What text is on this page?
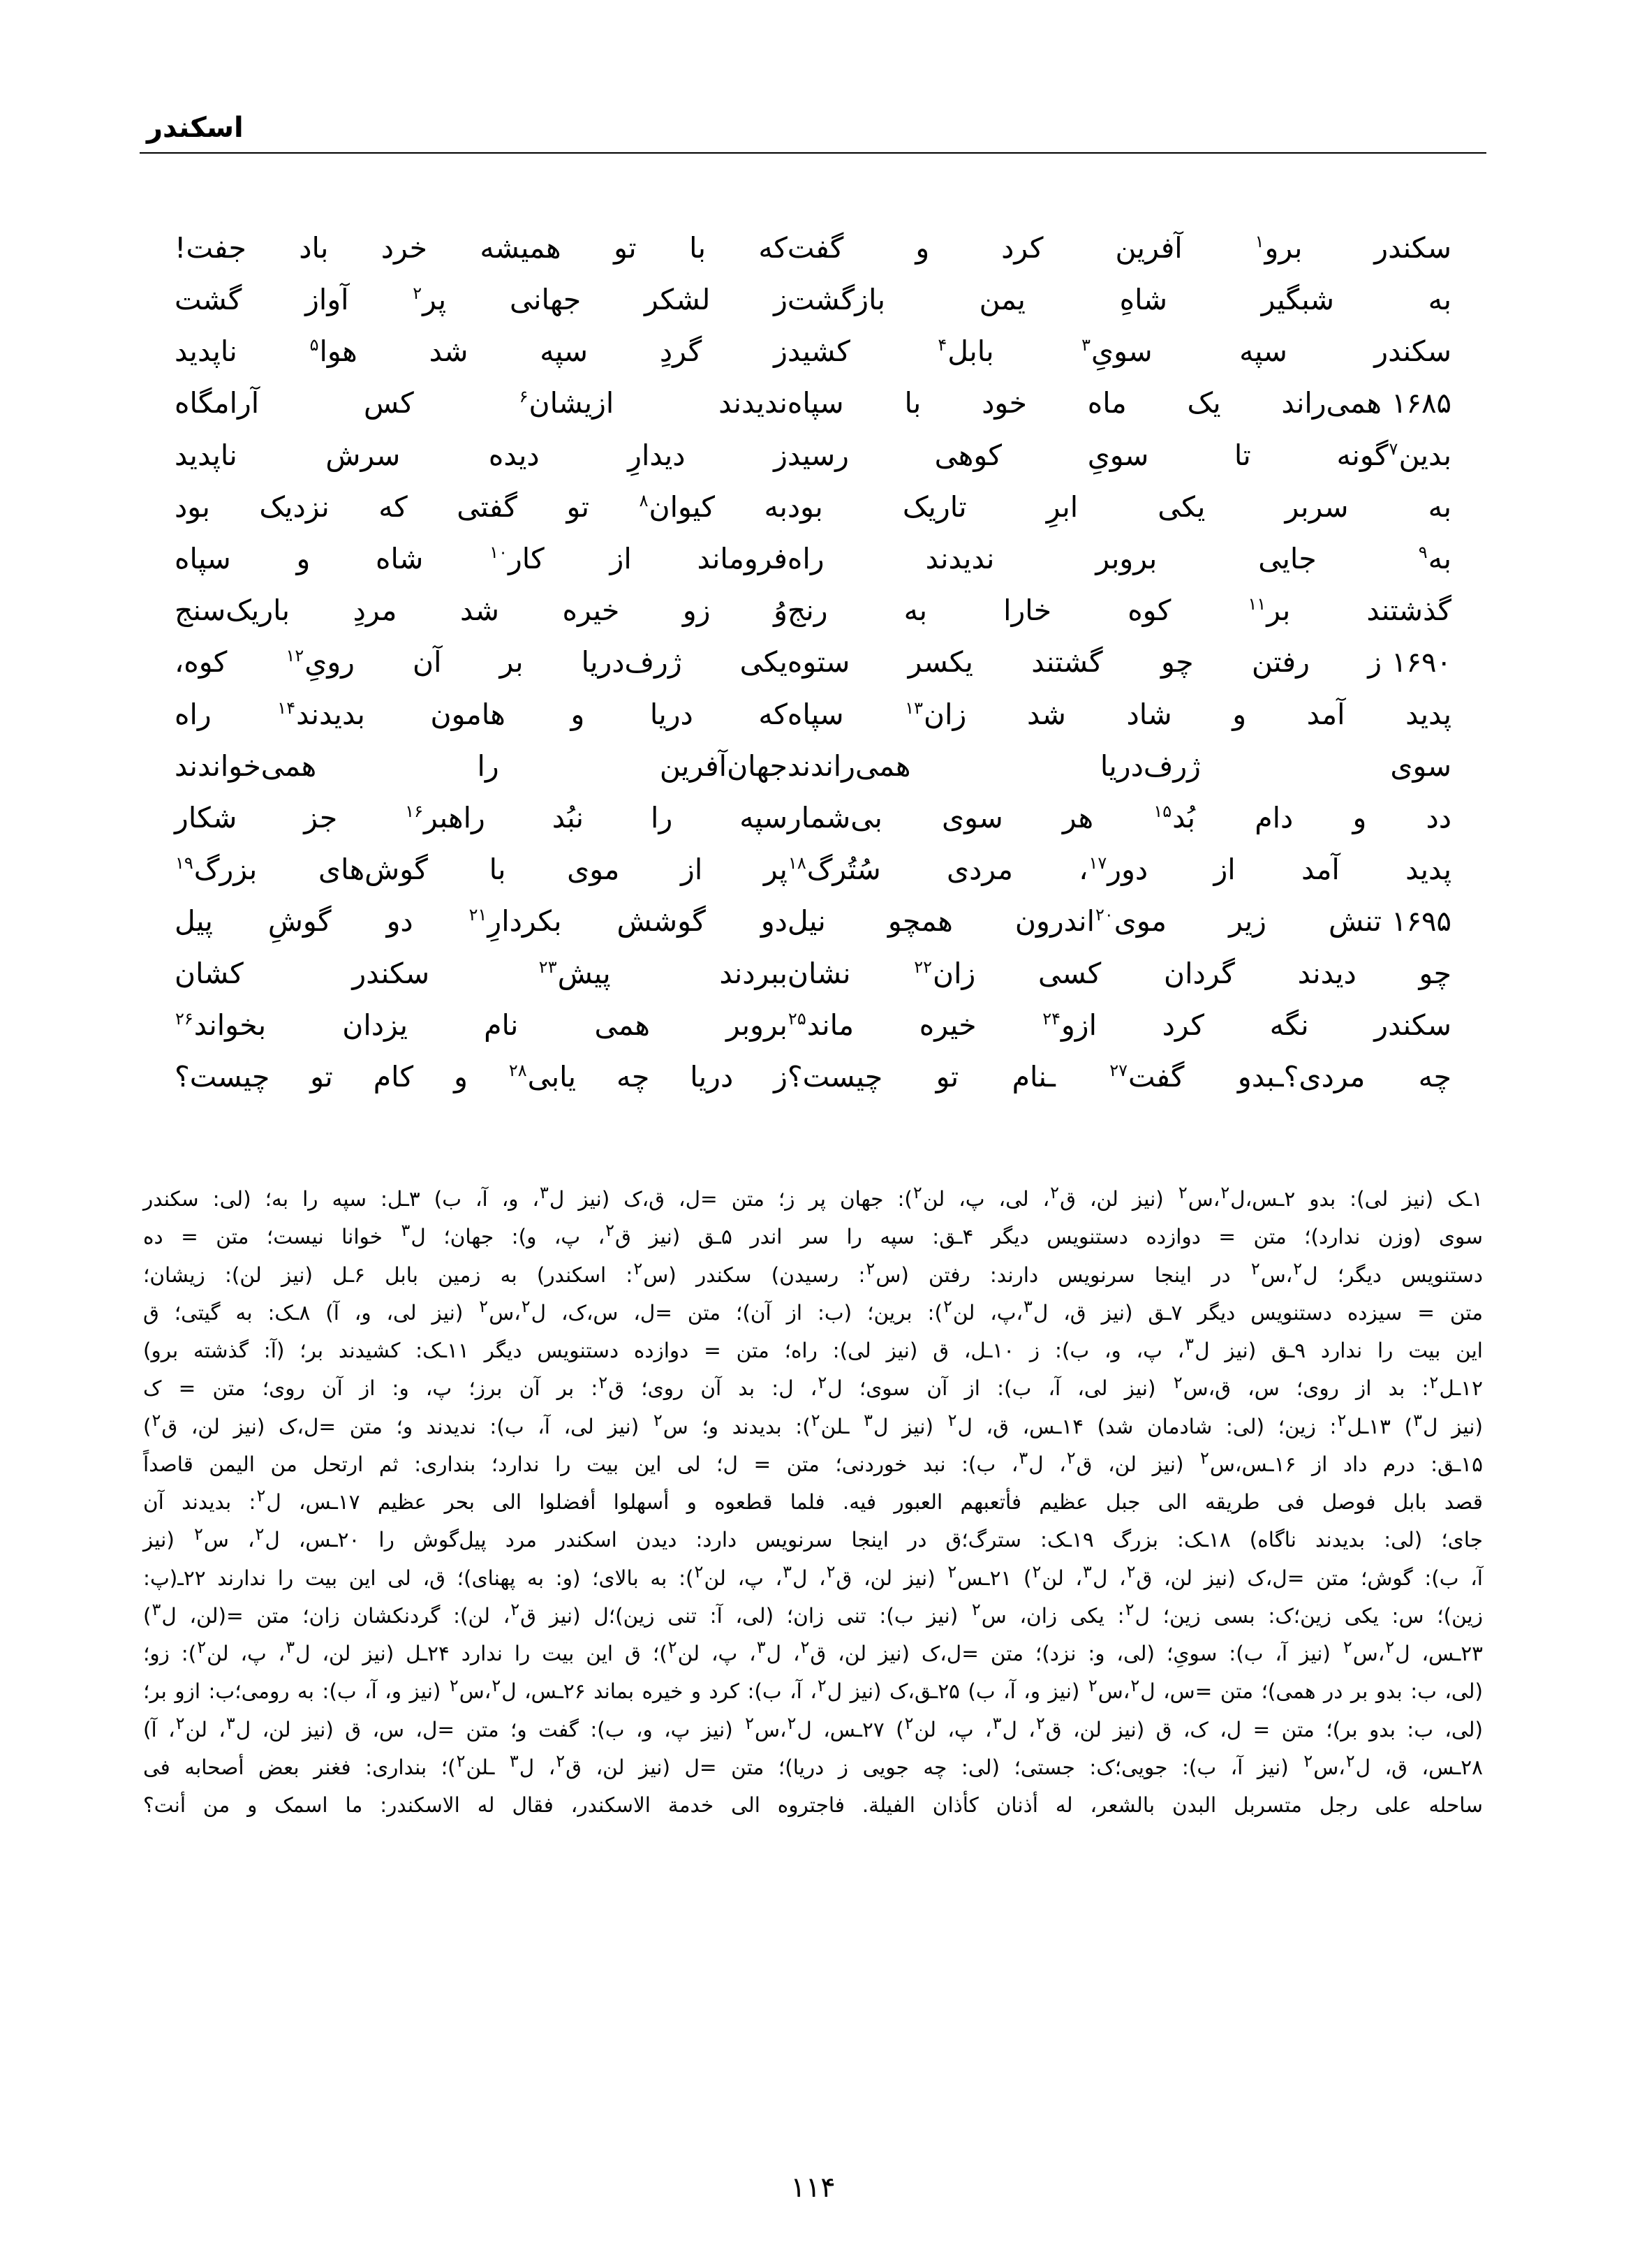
اسکندر
سکندر برو$^۱$ آفرین کرد و گفت
که با تو همیشه خرد باد جفت!
به شبگیر شاهِ یمن بازگشت
ز لشکر جهانی پر$^۲$ آواز گشت
سکندر سپه سویِ$^۳$ بابل$^۴$ کشید
ز گردِ سپه شد هوا$^۵$ ناپدید
۱۶۸۵همی‌راند یک ماه خود با سپاه
ندیدند ازیشان$^۶$ کس آرامگاه
بدین$^۷$گونه تا سویِ کوهی رسید
ز دیدارِ دیده سرش ناپدید
به سربر یکی ابرِ تاریک بود
به کیوان$^۸$ تو گفتی که نزدیک بود
به$^۹$ جایی بروبر ندیدند راه
فروماند از کار$^{۱۰}$ شاه و سپاه
گذشتند بر$^{۱۱}$ کوه خارا به رنج
وُ زو خیره شد مردِ باریک‌سنج
۱۶۹۰ز رفتن چو گشتند یکسر ستوه
یکی ژرف‌دریا بر آن رویِ$^{۱۲}$ کوه،
پدید آمد و شاد شد زان$^{۱۳}$ سپاه
که دریا و هامون بدیدند$^{۱۴}$ راه
سوی ژرف‌دریا همی‌راندند
جهان‌آفرین را همی‌خواندند
دد و دام بُد$^{۱۵}$ هر سوی بی‌شمار
سپه را نبُد راهبر$^{۱۶}$ جز شکار
پدید آمد از دور$^{۱۷}$، مردی سُتُرگ$^{۱۸}$
پر از موی با گوش‌های بزرگ$^{۱۹}$
۱۶۹۵تنش زیر موی$^{۲۰}$اندرون همچو نیل
دو گوشش بکردارِ$^{۲۱}$ دو گوشِ پیل
چو دیدند گردان کسی زان$^{۲۲}$ نشان
ببردند پیش$^{۲۳}$ سکندر کشان
سکندر نگه کرد ازو$^{۲۴}$ خیره ماند$^{۲۵}$
بروبر همی نام یزدان بخواند$^{۲۶}$
چه مردی؟ـبدو گفت$^{۲۷}$ ـنام تو چیست؟
ز دریا چه یابی$^{۲۸}$ و کام تو چیست؟

۱ـک (نیز لی): بدو ۲ـس،ل$^۲$،س$^۲$ (نیز لن، ق$^۲$، لی، پ، لن$^۲$): جهان پر ز؛ متن =ل، ق،ک (نیز ل$^۳$، و، آ، ب) ۳ـل: سپه را به؛ (لی: سکندر

سوی (وزن ندارد)؛ متن = دوازده دستنویس دیگر ۴ـق: سپه را سر اندر ۵ـق (نیز ق$^۲$، پ، و): جهان؛ ل$^۳$ خوانا نیست؛ متن = ده

دستنویس دیگر؛ ل$^۲$،س$^۲$ در اینجا سرنویس دارند: رفتن (س$^۲$: رسیدن) سکندر (س$^۲$: اسکندر) به زمین بابل ۶ـل (نیز لن): زیشان؛

متن = سیزده دستنویس دیگر ۷ـق (نیز ق، ل$^۳$،پ، لن$^۲$): برین؛ (ب: از آن)؛ متن =ل، س،ک، ل$^۲$،س$^۲$ (نیز لی، و، آ) ۸ـک: به گیتی؛ ق

این بیت را ندارد ۹ـق (نیز ل$^۳$، پ، و، ب): ز ۱۰ـل، ق (نیز لی): راه؛ متن = دوازده دستنویس دیگر ۱۱ـک: کشیدند بر؛ (آ: گذشته برو)

۱۲ـل$^۲$: بد از روی؛ س، ق،س$^۲$ (نیز لی، آ، ب): از آن سوی؛ ل$^۲$، ل: بد آن روی؛ ق$^۲$: بر آن برز؛ پ، و: از آن روی؛ متن = ک

(نیز ل$^۳$) ۱۳ـل$^۲$: زین؛ (لی: شادمان شد) ۱۴ـس، ق، ل$^۲$ (نیز ل$^۳$ ـلن$^۲$): بدیدند و؛ س$^۲$ (نیز لی، آ، ب): ندیدند و؛ متن =ل،ک (نیز لن، ق$^۲$)

۱۵ـق: درم داد از ۱۶ـس،س$^۲$ (نیز لن، ق$^۲$، ل$^۳$، ب): نبد خوردنی؛ متن = ل؛ لی این بیت را ندارد؛ بنداری: ثم ارتحل من الیمن قاصداً

قصد بابل فوصل فی طریقه الی جبل عظیم فأتعبهم العبور فیه. فلما قطعوه و أسهلوا أفضلوا الی بحر عظیم ۱۷ـس، ل$^۲$: بدیدند آن

جای؛ (لی: بدیدند ناگاه) ۱۸ـک: بزرگ ۱۹ـک: سترگ؛ق در اینجا سرنویس دارد: دیدن اسکندر مرد پیل‌گوش را ۲۰ـس، ل$^۲$، س$^۲$ (نیز

آ، ب): گوش؛ متن =ل،ک (نیز لن، ق$^۲$، ل$^۳$، لن$^۲$) ۲۱ـس$^۲$ (نیز لن، ق$^۲$، ل$^۳$، پ، لن$^۲$): به بالای؛ (و: به پهنای)؛ ق، لی این بیت را ندارند ۲۲ـ(پ:

زین)؛ س: یکی زین؛ک: بسی زین؛ ل$^۲$: یکی زان، س$^۲$ (نیز ب): تنی زان؛ (لی، آ: تنی زین)؛ل (نیز ق$^۲$، لن): گردنکشان زان؛ متن =(لن، ل$^۳$)

۲۳ـس، ل$^۲$،س$^۲$ (نیز آ، ب): سویِ؛ (لی، و: نزد)؛ متن =ل،ک (نیز لن، ق$^۲$، ل$^۳$، پ، لن$^۲$)؛ ق این بیت را ندارد ۲۴ـل (نیز لن، ل$^۳$، پ، لن$^۲$): زو؛

(لی، ب: بدو بر در همی)؛ متن =س، ل$^۲$،س$^۲$ (نیز و، آ، ب) ۲۵ـق،ک (نیز ل$^۲$، آ، ب): کرد و خیره بماند ۲۶ـس، ل$^۲$،س$^۲$ (نیز و، آ، ب): به رومی؛ب: ازو بر؛

(لی، ب: بدو بر)؛ متن = ل، ک، ق (نیز لن، ق$^۲$، ل$^۳$، پ، لن$^۲$) ۲۷ـس، ل$^۲$،س$^۲$ (نیز پ، و، ب): گفت و؛ متن =ل، س، ق (نیز لن، ل$^۳$، لن$^۲$، آ)

۲۸ـس، ق، ل$^۲$،س$^۲$ (نیز آ، ب): جویی؛ک: جستی؛ (لی: چه جویی ز دریا)؛ متن =ل (نیز لن، ق$^۲$، ل$^۳$ ـلن$^۲$)؛ بنداری: فغنر بعض أصحابه فی

ساحله علی رجل متسربل البدن بالشعر، له أذنان کأذان الفیلة. فاجتروه الی خدمة الاسکندر، فقال له الاسکندر: ما اسمک و من أنت؟

۱۱۴
